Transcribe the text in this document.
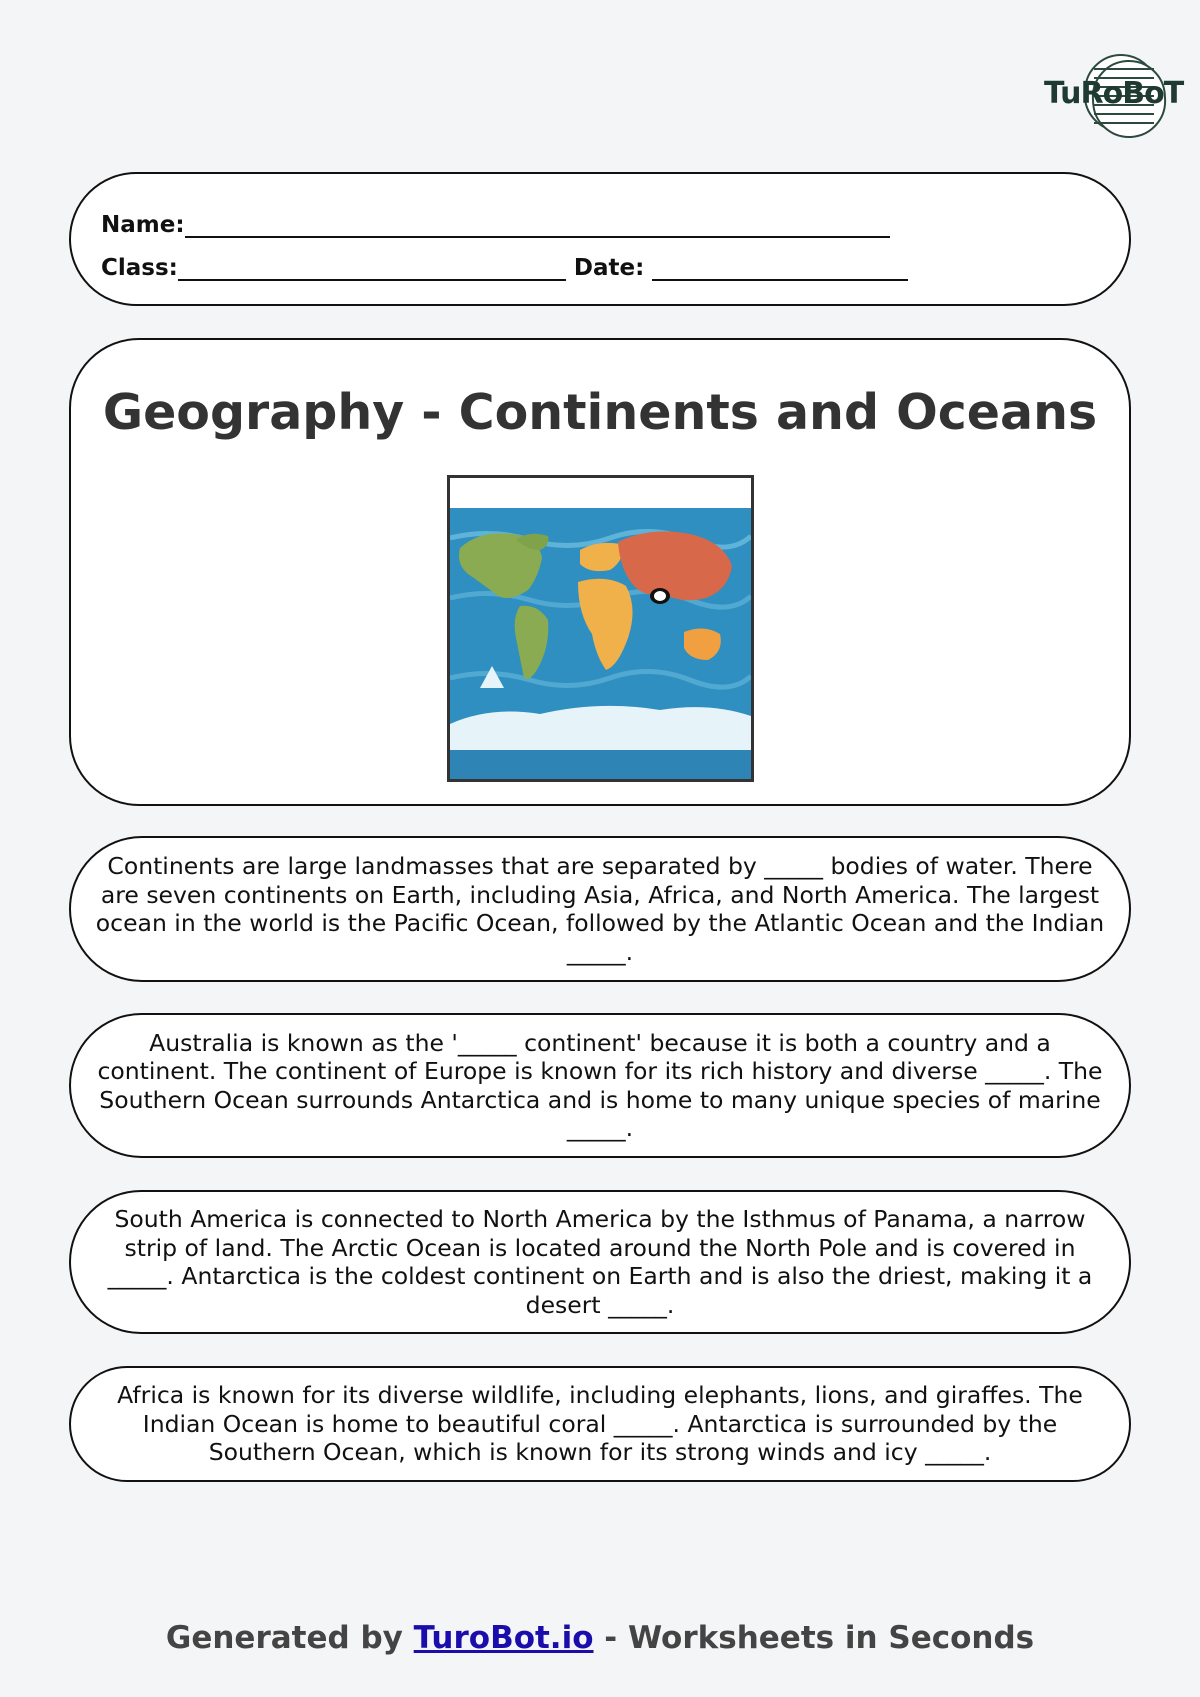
TuRoBoT
Name:
Class:	Date:
Geography - Continents and Oceans
Continents are large landmasses that are separated by _____ bodies of water. There are seven continents on Earth, including Asia, Africa, and North America. The largest ocean in the world is the Pacific Ocean, followed by the Atlantic Ocean and the Indian _____.
Australia is known as the '_____ continent' because it is both a country and a continent. The continent of Europe is known for its rich history and diverse _____. The Southern Ocean surrounds Antarctica and is home to many unique species of marine _____.
South America is connected to North America by the Isthmus of Panama, a narrow strip of land. The Arctic Ocean is located around the North Pole and is covered in _____. Antarctica is the coldest continent on Earth and is also the driest, making it a desert _____.
Africa is known for its diverse wildlife, including elephants, lions, and giraffes. The Indian Ocean is home to beautiful coral _____. Antarctica is surrounded by the Southern Ocean, which is known for its strong winds and icy _____.
Generated by TuroBot.io - Worksheets in Seconds
